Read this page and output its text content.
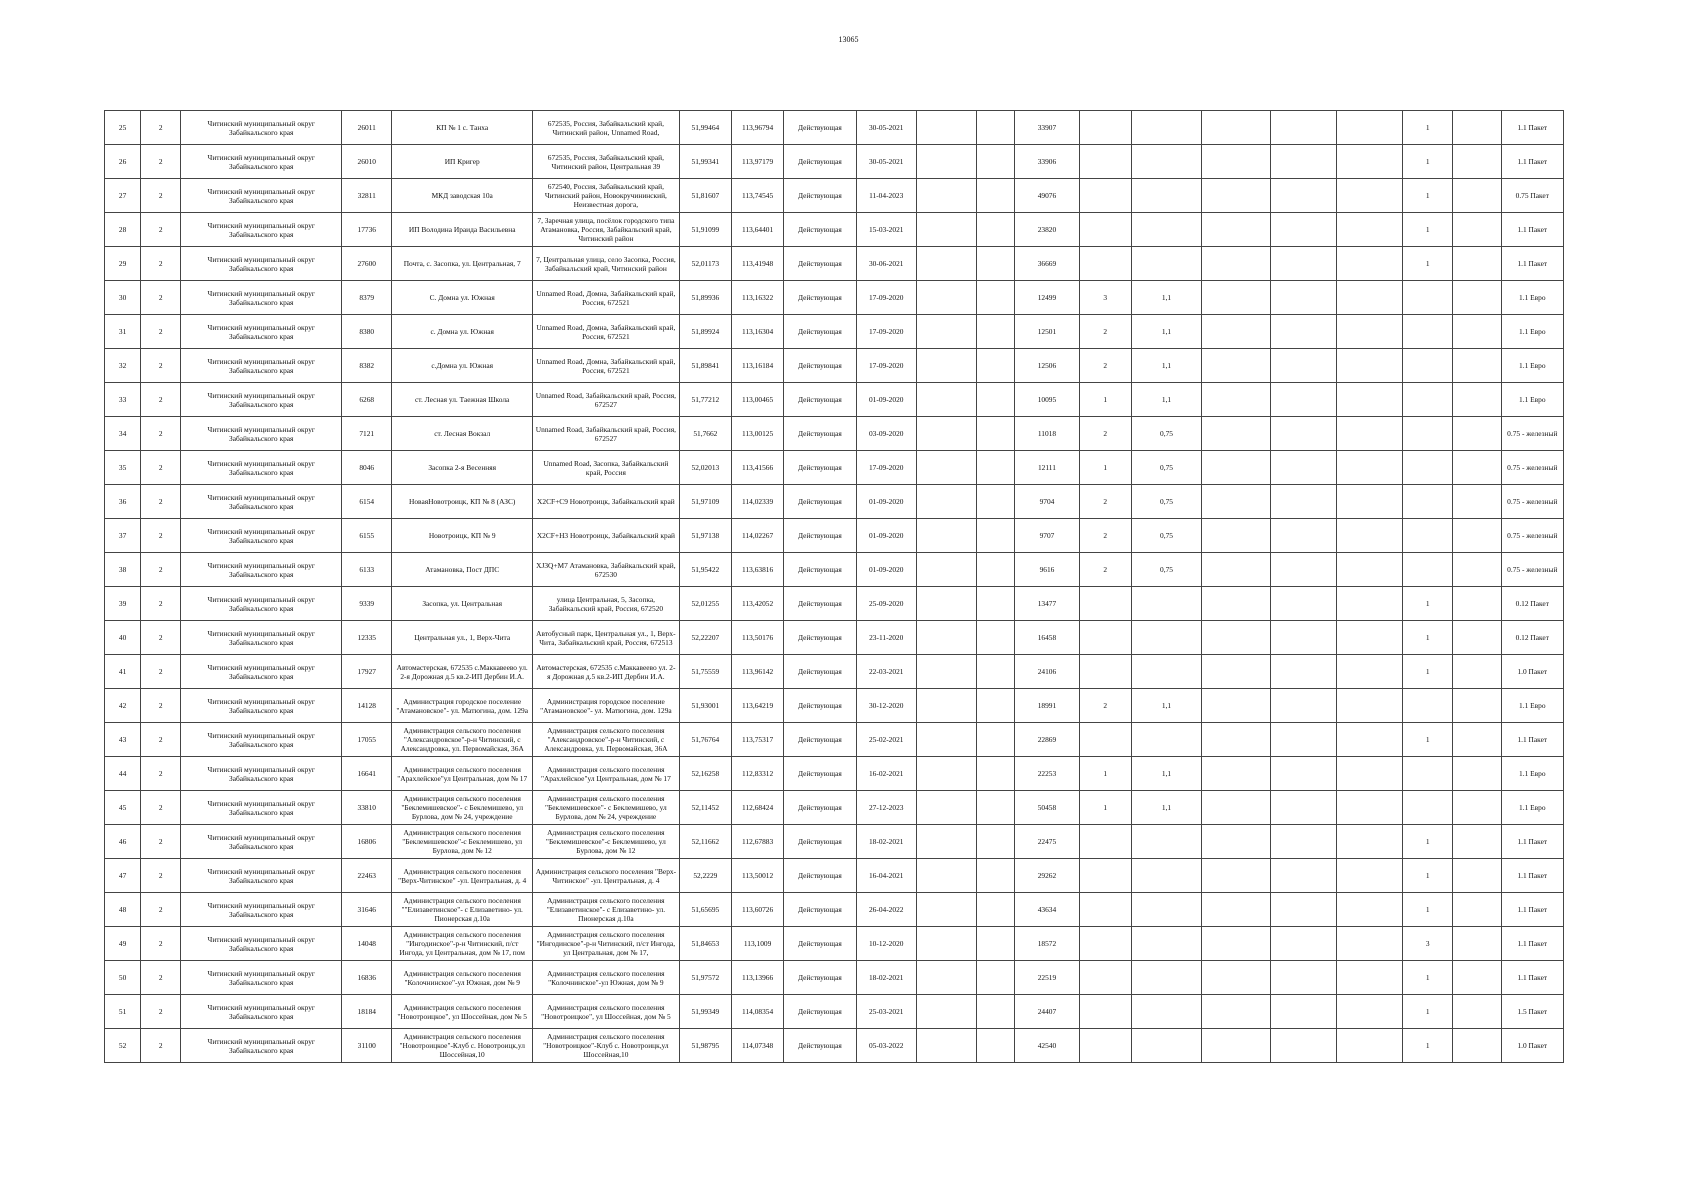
13065
25	2	Читинский муниципальный округ Забайкальского края	26011	КП № 1 с. Танха	672535, Россия, Забайкальский край, Читинский район, Unnamed Road,	51,99464	113,96794	Действующая	30-05-2021			33907						1		1.1 Пакет
26	2	Читинский муниципальный округ Забайкальского края	26010	ИП Кригер	672535, Россия, Забайкальский край, Читинский район, Центральная 39	51,99341	113,97179	Действующая	30-05-2021			33906						1		1.1 Пакет
27	2	Читинский муниципальный округ Забайкальского края	32811	МКД заводская 10а	672540, Россия, Забайкальский край, Читинский район, Новокручининский, Неизвестная дорога,	51,81607	113,74545	Действующая	11-04-2023			49076						1		0.75 Пакет
28	2	Читинский муниципальный округ Забайкальского края	17736	ИП Володина Ирaида Васильевна	7, Заречная улица, посёлок городского типа Атамановка, Россия, Забайкальский край, Читинский район	51,91099	113,64401	Действующая	15-03-2021			23820						1		1.1 Пакет
29	2	Читинский муниципальный округ Забайкальского края	27600	Почта, с. Засопка, ул. Центральная, 7	7, Центральная улица, село Засопка, Россия, Забайкальский край, Читинский район	52,01173	113,41948	Действующая	30-06-2021			36669						1		1.1 Пакет
30	2	Читинский муниципальный округ Забайкальского края	8379	С. Домна ул. Южная	Unnamed Road, Домна, Забайкальский край, Россия, 672521	51,89936	113,16322	Действующая	17-09-2020			12499	3	1,1						1.1 Евро
31	2	Читинский муниципальный округ Забайкальского края	8380	с. Домна ул. Южная	Unnamed Road, Домна, Забайкальский край, Россия, 672521	51,89924	113,16304	Действующая	17-09-2020			12501	2	1,1						1.1 Евро
32	2	Читинский муниципальный округ Забайкальского края	8382	с.Домна ул. Южная	Unnamed Road, Домна, Забайкальский край, Россия, 672521	51,89841	113,16184	Действующая	17-09-2020			12506	2	1,1						1.1 Евро
33	2	Читинский муниципальный округ Забайкальского края	6268	ст. Лесная ул. Таежная Школа	Unnamed Road, Забайкальский край, Россия, 672527	51,77212	113,00465	Действующая	01-09-2020			10095	1	1,1						1.1 Евро
34	2	Читинский муниципальный округ Забайкальского края	7121	ст. Лесная Вокзал	Unnamed Road, Забайкальский край, Россия, 672527	51,7662	113,00125	Действующая	03-09-2020			11018	2	0,75						0.75 - железный
35	2	Читинский муниципальный округ Забайкальского края	8046	Засопка 2-я Весенняя	Unnamed Road, Засопка, Забайкальский край, Россия	52,02013	113,41566	Действующая	17-09-2020			12111	1	0,75						0.75 - железный
36	2	Читинский муниципальный округ Забайкальского края	6154	НоваяНовотроицк, КП № 8 (АЗС)	X2CF+C9 Новотроицк, Забайкальский край	51,97109	114,02339	Действующая	01-09-2020			9704	2	0,75						0.75 - железный
37	2	Читинский муниципальный округ Забайкальского края	6155	Новотроицк, КП № 9	X2CF+H3 Новотроицк, Забайкальский край	51,97138	114,02267	Действующая	01-09-2020			9707	2	0,75						0.75 - железный
38	2	Читинский муниципальный округ Забайкальского края	6133	Атамановка, Пост ДПС	XJ3Q+M7 Атамановка, Забайкальский край, 672530	51,95422	113,63816	Действующая	01-09-2020			9616	2	0,75						0.75 - железный
39	2	Читинский муниципальный округ Забайкальского края	9339	Засопка, ул. Центральная	улица Центральная, 5, Засопка, Забайкальский край, Россия, 672520	52,01255	113,42052	Действующая	25-09-2020			13477						1		0.12 Пакет
40	2	Читинский муниципальный округ Забайкальского края	12335	Центральная ул., 1, Верх-Чита	Автобусный парк, Центральная ул., 1, Верх-Чита, Забайкальский край, Россия, 672513	52,22207	113,50176	Действующая	23-11-2020			16458						1		0.12 Пакет
41	2	Читинский муниципальный округ Забайкальского края	17927	Автомастерская, 672535 с.Маккавеево ул. 2-я Дорожная д.5 кв.2-ИП Дербин И.А.	Автомастерская, 672535 с.Маккавеево ул. 2-я Дорожная д.5 кв.2-ИП Дербин И.А.	51,75559	113,96142	Действующая	22-03-2021			24106						1		1.0 Пакет
42	2	Читинский муниципальный округ Забайкальского края	14128	Администрация городское поселение "Атамановское"- ул. Матюгина, дом. 129а	Администрация городское поселение "Атамановское"- ул. Матюгина, дом. 129а	51,93001	113,64219	Действующая	30-12-2020			18991	2	1,1						1.1 Евро
43	2	Читинский муниципальный округ Забайкальского края	17055	Администрация сельского поселения "Александровское"-р-н Читинский, с Александровка, ул. Первомайская, 36А	Администрация сельского поселения "Александровское"-р-н Читинский, с Александровка, ул. Первомайская, 36А	51,76764	113,75317	Действующая	25-02-2021			22869						1		1.1 Пакет
44	2	Читинский муниципальный округ Забайкальского края	16641	Администрация сельского поселения "Арахлейское"ул Центральная, дом № 17	Администрация сельского поселения "Арахлейское"ул Центральная, дом № 17	52,16258	112,83312	Действующая	16-02-2021			22253	1	1,1						1.1 Евро
45	2	Читинский муниципальный округ Забайкальского края	33810	Администрация сельского поселения "Беклемишевское"- с Беклемишево, ул Бурлова, дом № 24, учреждение	Администрация сельского поселения "Беклемишевское"- с Беклемишево, ул Бурлова, дом № 24, учреждение	52,11452	112,68424	Действующая	27-12-2023			50458	1	1,1						1.1 Евро
46	2	Читинский муниципальный округ Забайкальского края	16806	Администрация сельского поселения "Беклемишевское"-с Беклемишево, ул Бурлова, дом № 12	Администрация сельского поселения "Беклемишевское"-с Беклемишево, ул Бурлова, дом № 12	52,11662	112,67883	Действующая	18-02-2021			22475						1		1.1 Пакет
47	2	Читинский муниципальный округ Забайкальского края	22463	Администрация сельского поселения "Верх-Читинское" -ул. Центральная, д. 4	Администрация сельского поселения "Верх-Читинское" -ул. Центральная, д. 4	52,2229	113,50012	Действующая	16-04-2021			29262						1		1.1 Пакет
48	2	Читинский муниципальный округ Забайкальского края	31646	Администрация сельского поселения ""Елизаветинское"- с Елизаветино- ул. Пионерская д.10а	Администрация сельского поселения "Елизаветинское"- с Елизаветино- ул. Пионерская д.10а	51,65695	113,60726	Действующая	26-04-2022			43634						1		1.1 Пакет
49	2	Читинский муниципальный округ Забайкальского края	14048	Администрация сельского поселения "Ингодинское"-р-н Читинский, п/ст Ингода, ул Центральная, дом № 17, пом	Администрация сельского поселения "Ингодинское"-р-н Читинский, п/ст Ингода, ул Центральная, дом № 17,	51,84653	113,1009	Действующая	10-12-2020			18572						3		1.1 Пакет
50	2	Читинский муниципальный округ Забайкальского края	16836	Администрация сельского поселения "Колочнинское"-ул Южная, дом № 9	Администрация сельского поселения "Колочнинское"-ул Южная, дом № 9	51,97572	113,13966	Действующая	18-02-2021			22519						1		1.1 Пакет
51	2	Читинский муниципальный округ Забайкальского края	18184	Администрация сельского поселения "Новотроицкое", ул Шоссейная, дом № 5	Администрация сельского поселения "Новотроицкое", ул Шоссейная, дом № 5	51,99349	114,08354	Действующая	25-03-2021			24407						1		1.5 Пакет
52	2	Читинский муниципальный округ Забайкальского края	31100	Администрация сельского поселения "Новотроицкое"-Клуб с. Новотроицк,ул Шоссейная,10	Администрация сельского поселения "Новотроицкое"-Клуб с. Новотроицк,ул Шоссейная,10	51,98795	114,07348	Действующая	05-03-2022			42540						1		1.0 Пакет
